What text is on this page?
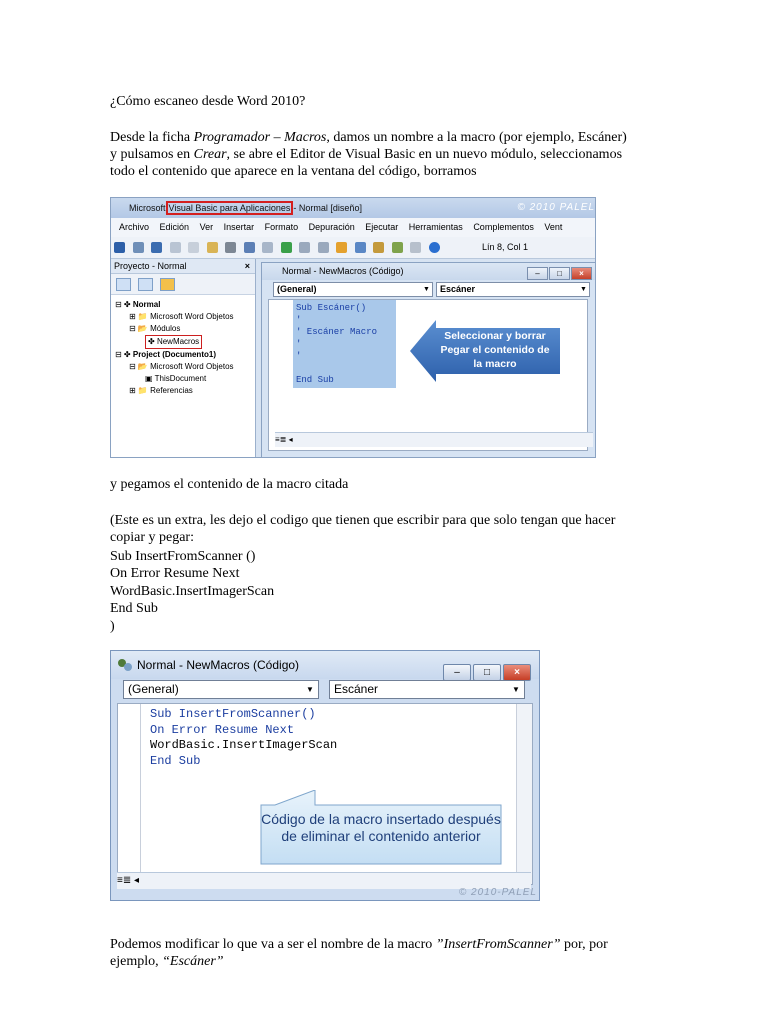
¿Cómo escaneo desde Word 2010?

Desde la ficha Programador – Macros, damos un nombre a la macro (por ejemplo, Escáner) y pulsamos en Crear, se abre el Editor de Visual Basic en un nuevo módulo, seleccionamos todo el contenido que aparece en la ventana del código, borramos

Microsoft Visual Basic para Aplicaciones - Normal [diseño]	© 2010 PALEL
Archivo Edición Ver Insertar Formato Depuración Ejecutar Herramientas Complementos Vent

Lín 8, Col 1
Proyecto - Normal	×
⊟ ✤ Normal
⊞ 📁 Microsoft Word Objetos
⊟ 📂 Módulos
✤ NewMacros
⊟ ✤ Project (Documento1)
⊟ 📂 Microsoft Word Objetos
▣ ThisDocument
⊞ 📁 Referencias
Normal - NewMacros (Código)	– □ ×
(General)	▼	Escáner	▼
Sub Escáner()
'
' Escáner Macro
'
'

End Sub
Seleccionar y borrar Pegar el contenido de la macro
≡≣ ◂

y pegamos el contenido de la macro citada

(Este es un extra, les dejo el codigo que tienen que escribir para que solo tengan que hacer copiar y pegar:

Sub InsertFromScanner ()

On Error Resume Next

WordBasic.InsertImagerScan

End Sub

)

Normal - NewMacros (Código)
– □ ×
(General)	▼	Escáner	▼
Sub InsertFromScanner()
On Error Resume Next
WordBasic.InsertImagerScan
End Sub
Código de la macro insertado después de eliminar el contenido anterior
≡≣ ◂
© 2010-PALEL

Podemos modificar lo que va a ser el nombre de la macro ”InsertFromScanner” por, por ejemplo, “Escáner”
